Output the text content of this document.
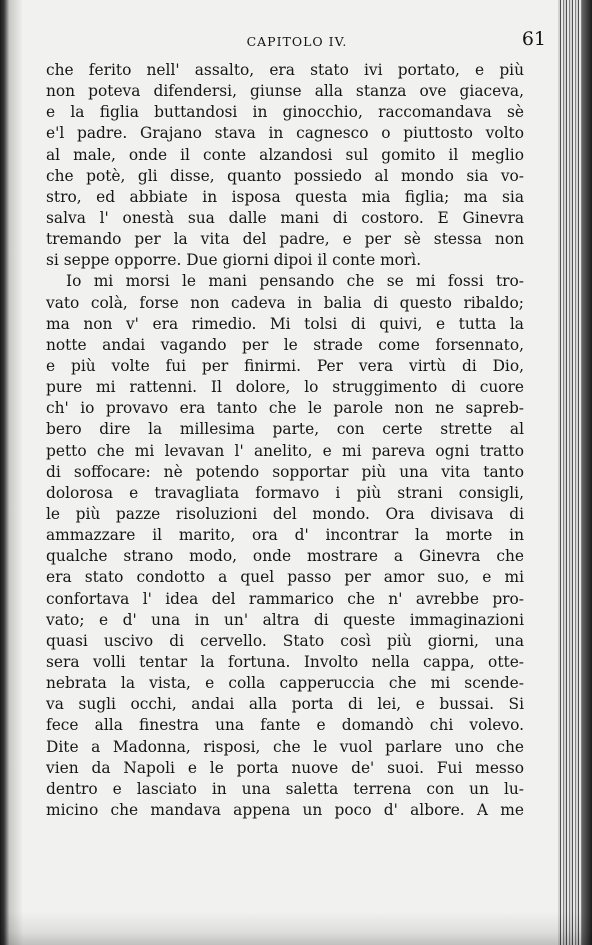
CAPITOLO IV.	61
che ferito nell' assalto, era stato ivi portato, e più
non poteva difendersi, giunse alla stanza ove giaceva,
e la figlia buttandosi in ginocchio, raccomandava sè
e'l padre. Grajano stava in cagnesco o piuttosto volto
al male, onde il conte alzandosi sul gomito il meglio
che potè, gli disse, quanto possiedo al mondo sia vo-
stro, ed abbiate in isposa questa mia figlia; ma sia
salva l' onestà sua dalle mani di costoro. E Ginevra
tremando per la vita del padre, e per sè stessa non
si seppe opporre. Due giorni dipoi il conte morì.
Io mi morsi le mani pensando che se mi fossi tro-
vato colà, forse non cadeva in balia di questo ribaldo;
ma non v' era rimedio. Mi tolsi di quivi, e tutta la
notte andai vagando per le strade come forsennato,
e più volte fui per finirmi. Per vera virtù di Dio,
pure mi rattenni. Il dolore, lo struggimento di cuore
ch' io provavo era tanto che le parole non ne sapreb-
bero dire la millesima parte, con certe strette al
petto che mi levavan l' anelito, e mi pareva ogni tratto
di soffocare: nè potendo sopportar più una vita tanto
dolorosa e travagliata formavo i più strani consigli,
le più pazze risoluzioni del mondo. Ora divisava di
ammazzare il marito, ora d' incontrar la morte in
qualche strano modo, onde mostrare a Ginevra che
era stato condotto a quel passo per amor suo, e mi
confortava l' idea del rammarico che n' avrebbe pro-
vato; e d' una in un' altra di queste immaginazioni
quasi uscivo di cervello. Stato così più giorni, una
sera volli tentar la fortuna. Involto nella cappa, otte-
nebrata la vista, e colla capperuccia che mi scende-
va sugli occhi, andai alla porta di lei, e bussai. Si
fece alla finestra una fante e domandò chi volevo.
Dite a Madonna, risposi, che le vuol parlare uno che
vien da Napoli e le porta nuove de' suoi. Fui messo
dentro e lasciato in una saletta terrena con un lu-
micino che mandava appena un poco d' albore. A me
